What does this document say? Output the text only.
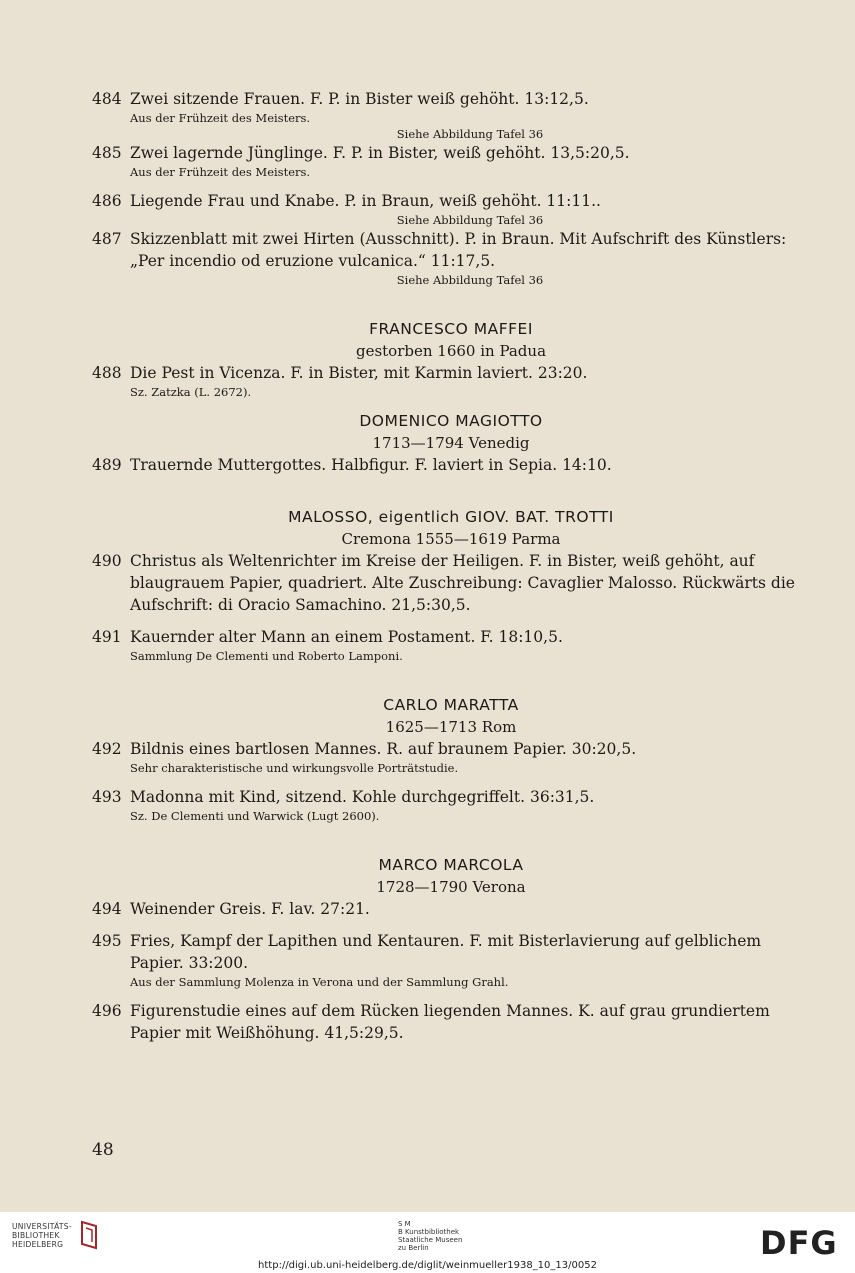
484 Zwei sitzende Frauen. F. P. in Bister weiß gehöht. 13:12,5.
Aus der Frühzeit des Meisters.
Siehe Abbildung Tafel 36
485 Zwei lagernde Jünglinge. F. P. in Bister, weiß gehöht. 13,5:20,5.
Aus der Frühzeit des Meisters.
486 Liegende Frau und Knabe. P. in Braun, weiß gehöht. 11:11..
Siehe Abbildung Tafel 36
487 Skizzenblatt mit zwei Hirten (Ausschnitt). P. in Braun. Mit Aufschrift des Künstlers: „Per incendio od eruzione vulcanica.“ 11:17,5.
Siehe Abbildung Tafel 36
FRANCESCO MAFFEI
gestorben 1660 in Padua
488 Die Pest in Vicenza. F. in Bister, mit Karmin laviert. 23:20.
Sz. Zatzka (L. 2672).
DOMENICO MAGIOTTO
1713—1794 Venedig
489 Trauernde Muttergottes. Halbfigur. F. laviert in Sepia. 14:10.
MALOSSO, eigentlich GIOV. BAT. TROTTI
Cremona 1555—1619 Parma
490 Christus als Weltenrichter im Kreise der Heiligen. F. in Bister, weiß gehöht, auf blaugrauem Papier, quadriert. Alte Zuschreibung: Cavaglier Malosso. Rückwärts die Aufschrift: di Oracio Samachino. 21,5:30,5.
491 Kauernder alter Mann an einem Postament. F. 18:10,5.
Sammlung De Clementi und Roberto Lamponi.
CARLO MARATTA
1625—1713 Rom
492 Bildnis eines bartlosen Mannes. R. auf braunem Papier. 30:20,5.
Sehr charakteristische und wirkungsvolle Porträtstudie.
493 Madonna mit Kind, sitzend. Kohle durchgegriffelt. 36:31,5.
Sz. De Clementi und Warwick (Lugt 2600).
MARCO MARCOLA
1728—1790 Verona
494 Weinender Greis. F. lav. 27:21.
495 Fries, Kampf der Lapithen und Kentauren. F. mit Bisterlavierung auf gelblichem Papier. 33:200.
Aus der Sammlung Molenza in Verona und der Sammlung Grahl.
496 Figurenstudie eines auf dem Rücken liegenden Mannes. K. auf grau grundiertem Papier mit Weißhöhung. 41,5:29,5.
48
UNIVERSITÄTS-
BIBLIOTHEK
HEIDELBERG
S M
B Kunstbibliothek
Staatliche Museen
zu Berlin	DFG
http://digi.ub.uni-heidelberg.de/diglit/weinmueller1938_10_13/0052
